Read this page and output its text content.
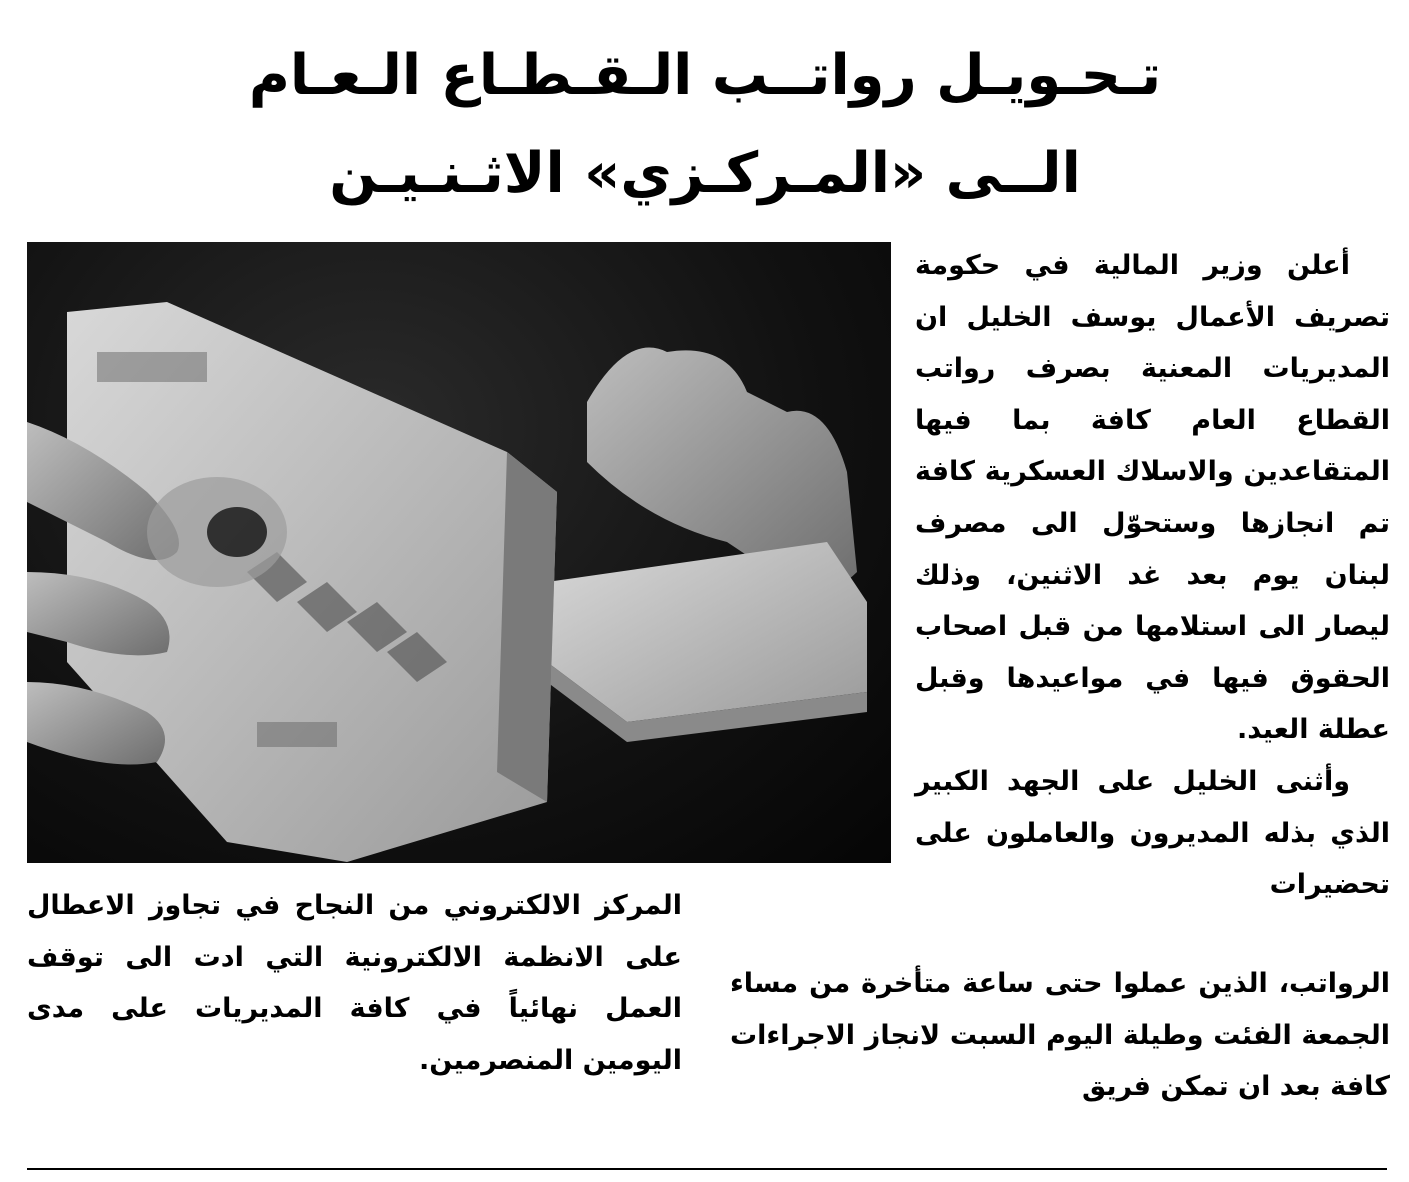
تـحـويـل رواتــب الـقـطـاع الـعـام
الــى «المـركـزي» الاثـنـيـن

أعلن وزير المالية في حكومة تصريف الأعمال يوسف الخليل ان المديريات المعنية بصرف رواتب القطاع العام كافة بما فيها المتقاعدين والاسلاك العسكرية كافة تم انجازها وستحوّل الى مصرف لبنان يوم بعد غد الاثنين، وذلك ليصار الى استلامها من قبل اصحاب الحقوق فيها في مواعيدها وقبل عطلة العيد.

وأثنى الخليل على الجهد الكبير الذي بذله المديرون والعاملون على تحضيرات

الرواتب، الذين عملوا حتى ساعة متأخرة من مساء الجمعة الفئت وطيلة اليوم السبت لانجاز الاجراءات كافة بعد ان تمكن فريق

المركز الالكتروني من النجاح في تجاوز الاعطال على الانظمة الالكترونية التي ادت الى توقف العمل نهائياً في كافة المديريات على مدى اليومين المنصرمين.
